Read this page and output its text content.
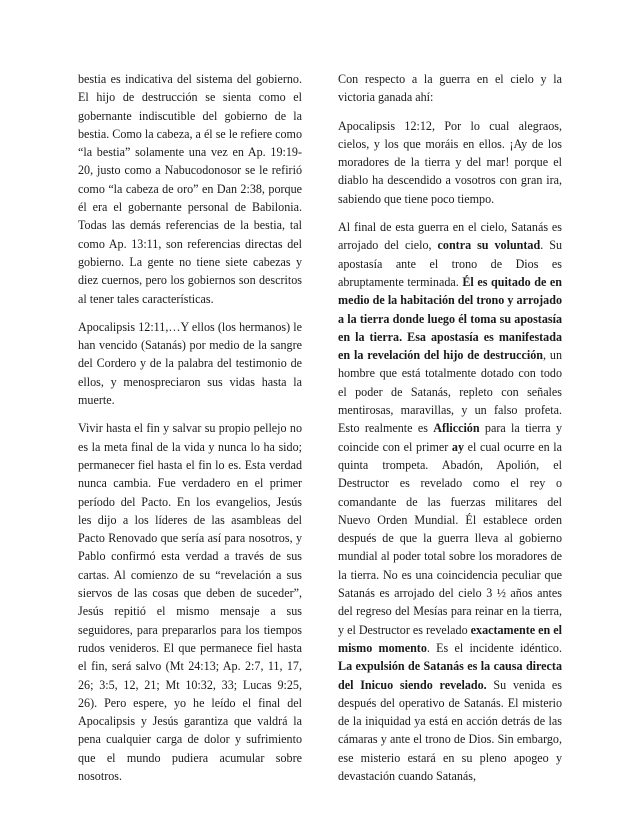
bestia es indicativa del sistema del gobierno. El hijo de destrucción se sienta como el gobernante indiscutible del gobierno de la bestia. Como la cabeza, a él se le refiere como “la bestia” solamente una vez en Ap. 19:19-20, justo como a Nabucodonosor se le refirió como “la cabeza de oro” en Dan 2:38, porque él era el gobernante personal de Babilonia. Todas las demás referencias de la bestia, tal como Ap. 13:11, son referencias directas del gobierno. La gente no tiene siete cabezas y diez cuernos, pero los gobiernos son descritos al tener tales características.

Apocalipsis 12:11,…Y ellos (los hermanos) le han vencido (Satanás) por medio de la sangre del Cordero y de la palabra del testimonio de ellos, y menospreciaron sus vidas hasta la muerte.

Vivir hasta el fin y salvar su propio pellejo no es la meta final de la vida y nunca lo ha sido; permanecer fiel hasta el fin lo es. Esta verdad nunca cambia. Fue verdadero en el primer período del Pacto. En los evangelios, Jesús les dijo a los líderes de las asambleas del Pacto Renovado que sería así para nosotros, y Pablo confirmó esta verdad a través de sus cartas. Al comienzo de su “revelación a sus siervos de las cosas que deben de suceder”, Jesús repitió el mismo mensaje a sus seguidores, para prepararlos para los tiempos rudos venideros. El que permanece fiel hasta el fin, será salvo (Mt 24:13; Ap. 2:7, 11, 17, 26; 3:5, 12, 21; Mt 10:32, 33; Lucas 9:25, 26). Pero espere, yo he leído el final del Apocalipsis y Jesús garantiza que valdrá la pena cualquier carga de dolor y sufrimiento que el mundo pudiera acumular sobre nosotros.

Con respecto a la guerra en el cielo y la victoria ganada ahí:

Apocalipsis 12:12, Por lo cual alegraos, cielos, y los que moráis en ellos. ¡Ay de los moradores de la tierra y del mar! porque el diablo ha descendido a vosotros con gran ira, sabiendo que tiene poco tiempo.

Al final de esta guerra en el cielo, Satanás es arrojado del cielo, contra su voluntad. Su apostasía ante el trono de Dios es abruptamente terminada. Él es quitado de en medio de la habitación del trono y arrojado a la tierra donde luego él toma su apostasía en la tierra. Esa apostasía es manifestada en la revelación del hijo de destrucción, un hombre que está totalmente dotado con todo el poder de Satanás, repleto con señales mentirosas, maravillas, y un falso profeta. Esto realmente es Aflicción para la tierra y coincide con el primer ay el cual ocurre en la quinta trompeta. Abadón, Apolión, el Destructor es revelado como el rey o comandante de las fuerzas militares del Nuevo Orden Mundial. Él establece orden después de que la guerra lleva al gobierno mundial al poder total sobre los moradores de la tierra. No es una coincidencia peculiar que Satanás es arrojado del cielo 3 ½ años antes del regreso del Mesías para reinar en la tierra, y el Destructor es revelado exactamente en el mismo momento. Es el incidente idéntico. La expulsión de Satanás es la causa directa del Inicuo siendo revelado. Su venida es después del operativo de Satanás. El misterio de la iniquidad ya está en acción detrás de las cámaras y ante el trono de Dios. Sin embargo, ese misterio estará en su pleno apogeo y devastación cuando Satanás,
